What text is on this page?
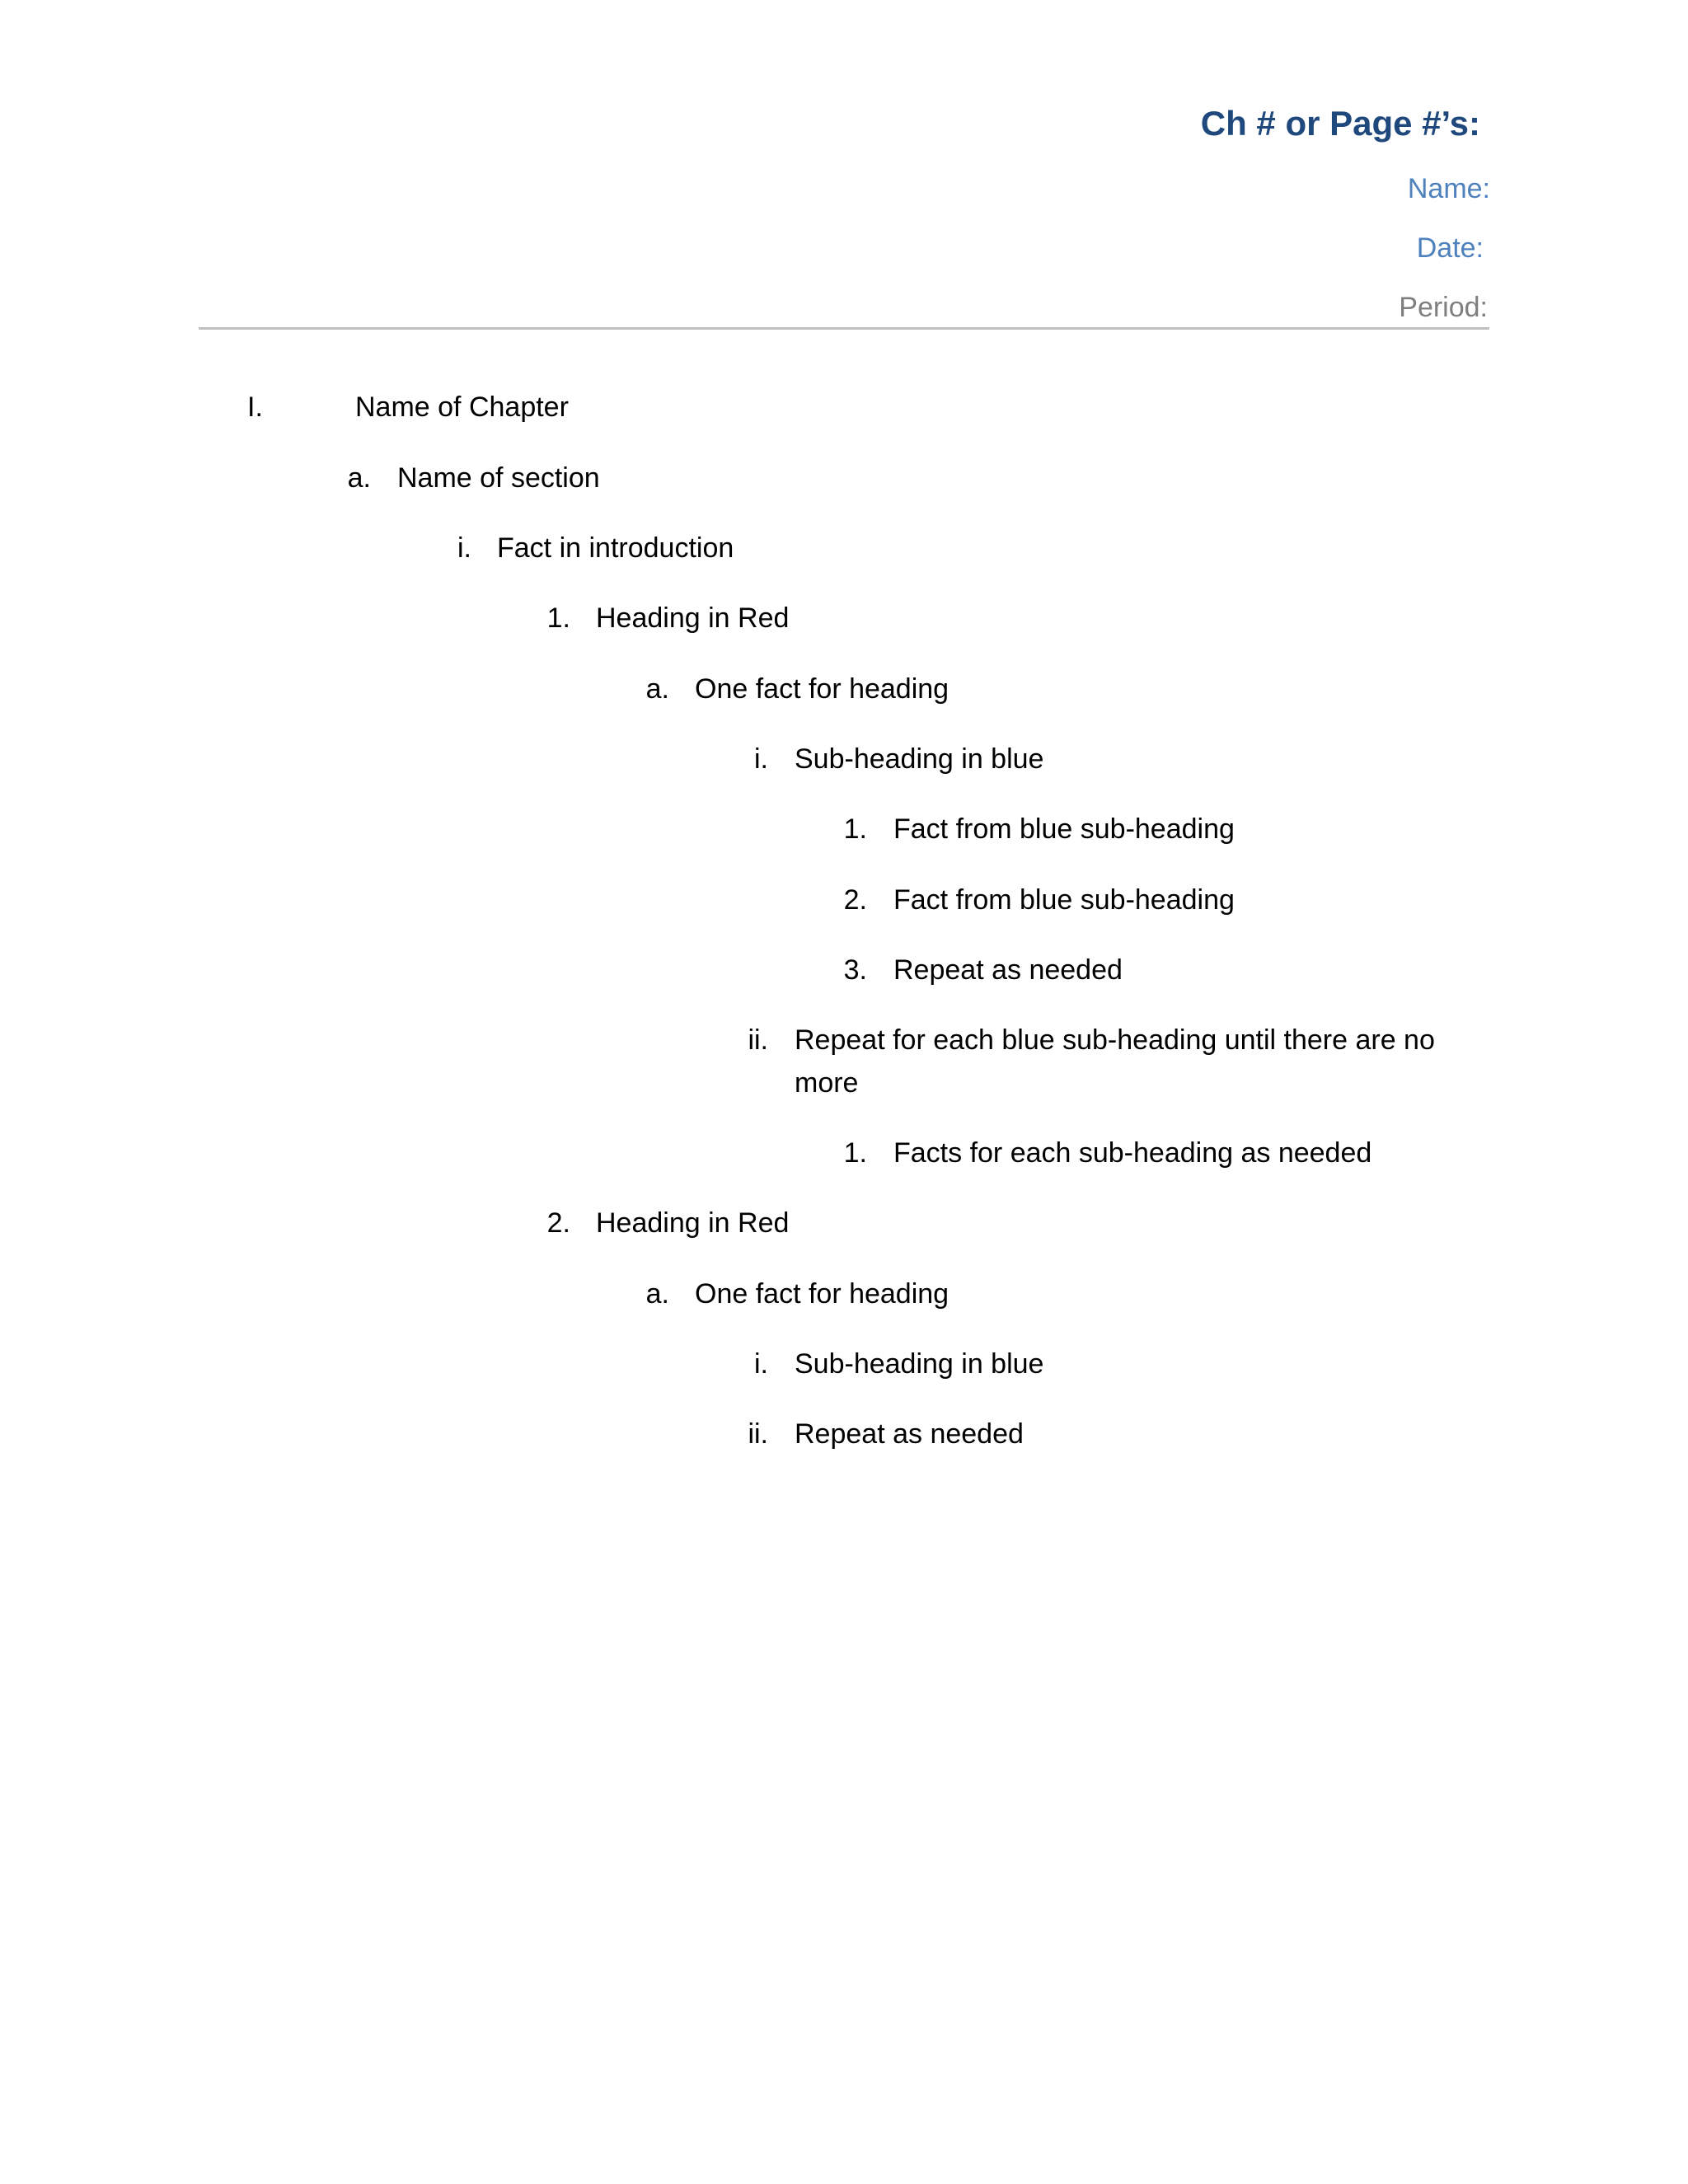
Ch # or Page #’s:
Name:
Date:
Period:
I.	Name of Chapter
a. Name of section
i. Fact in introduction
1. Heading in Red
a. One fact for heading
i. Sub-heading in blue
1. Fact from blue sub-heading
2. Fact from blue sub-heading
3. Repeat as needed
ii. Repeat for each blue sub-heading until there are no
more
1. Facts for each sub-heading as needed
2. Heading in Red
a. One fact for heading
i. Sub-heading in blue
ii. Repeat as needed
